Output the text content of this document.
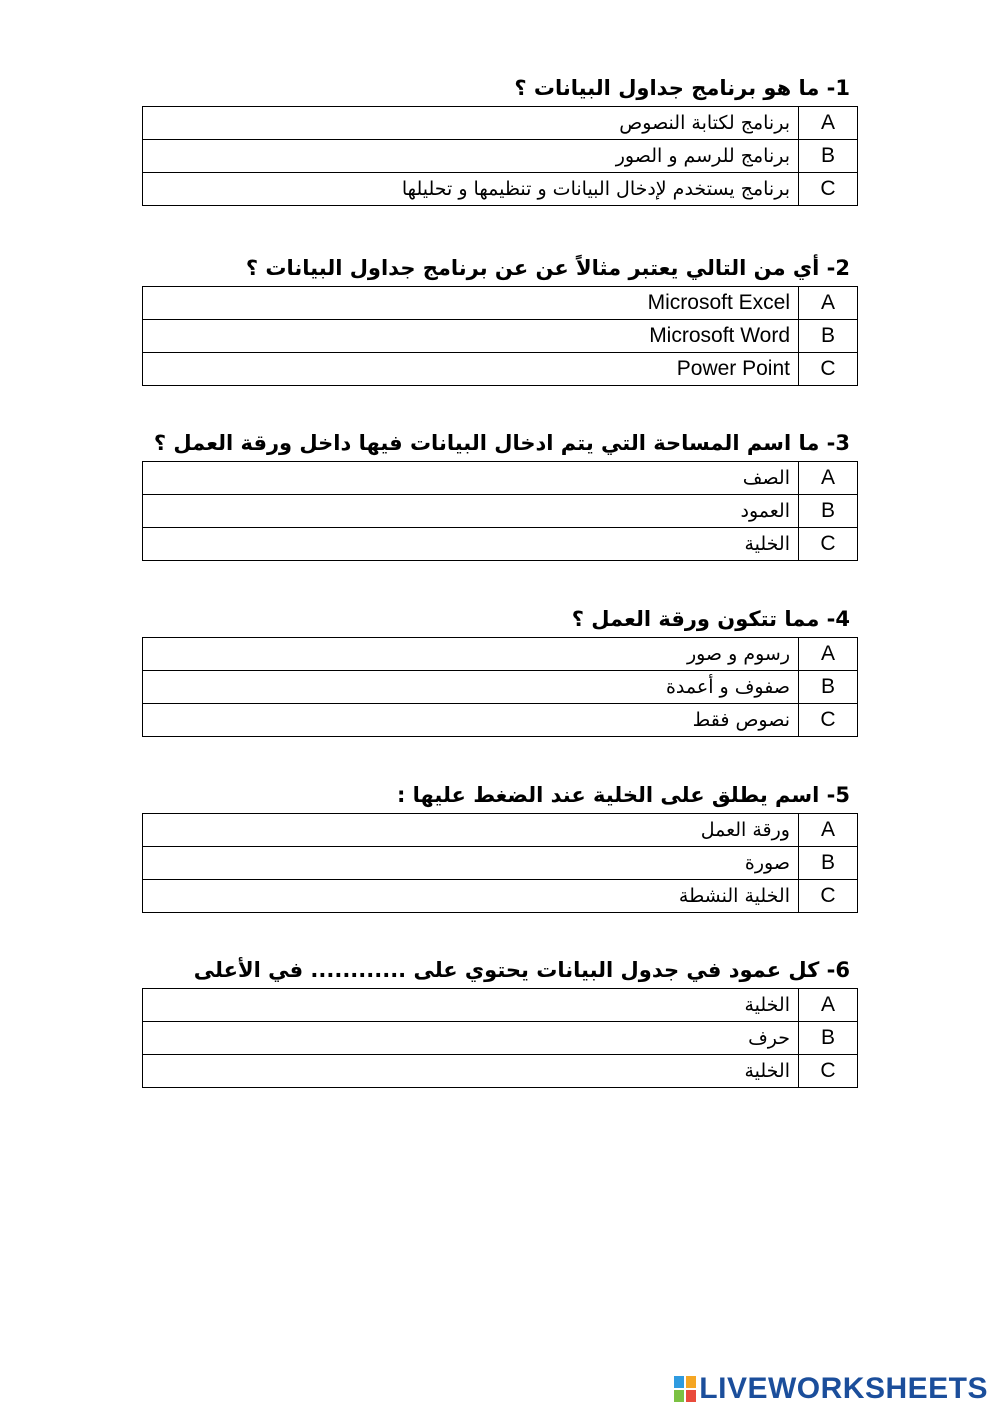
1- ما هو برنامج جداول البيانات ؟
برنامج لكتابة النصوص	A
برنامج للرسم و الصور	B
برنامج يستخدم لإدخال البيانات و تنظيمها و تحليلها	C
2- أي من التالي يعتبر مثالاً عن عن برنامج جداول البيانات ؟
Microsoft Excel	A
Microsoft Word	B
Power Point	C
3- ما اسم المساحة التي يتم ادخال البيانات فيها داخل ورقة العمل ؟
الصف	A
العمود	B
الخلية	C
4- مما تتكون ورقة العمل ؟
رسوم و صور	A
صفوف و أعمدة	B
نصوص فقط	C
5- اسم يطلق على الخلية عند الضغط عليها :
ورقة العمل	A
صورة	B
الخلية النشطة	C
6- كل عمود في جدول البيانات يحتوي على ............ في الأعلى
الخلية	A
حرف	B
الخلية	C
LIVEWORKSHEETS
